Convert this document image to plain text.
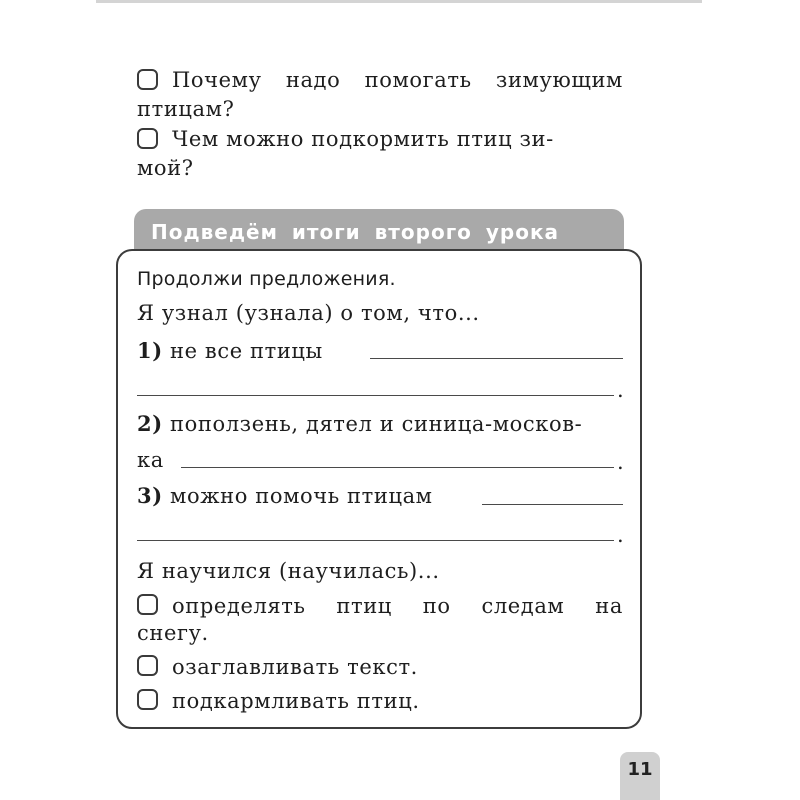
Почему надо помогать зимующим
птицам?
Чем можно подкормить птиц зи-
мой?
Подведём итоги второго урока
Продолжи предложения.
Я узнал (узнала) о том, что...
1) не все птицы
.
2) поползень, дятел и синица-москов-
ка	.
3) можно помочь птицам
.
Я научился (научилась)...
определять птиц по следам на
снегу.
озаглавливать текст.
подкармливать птиц.
11
